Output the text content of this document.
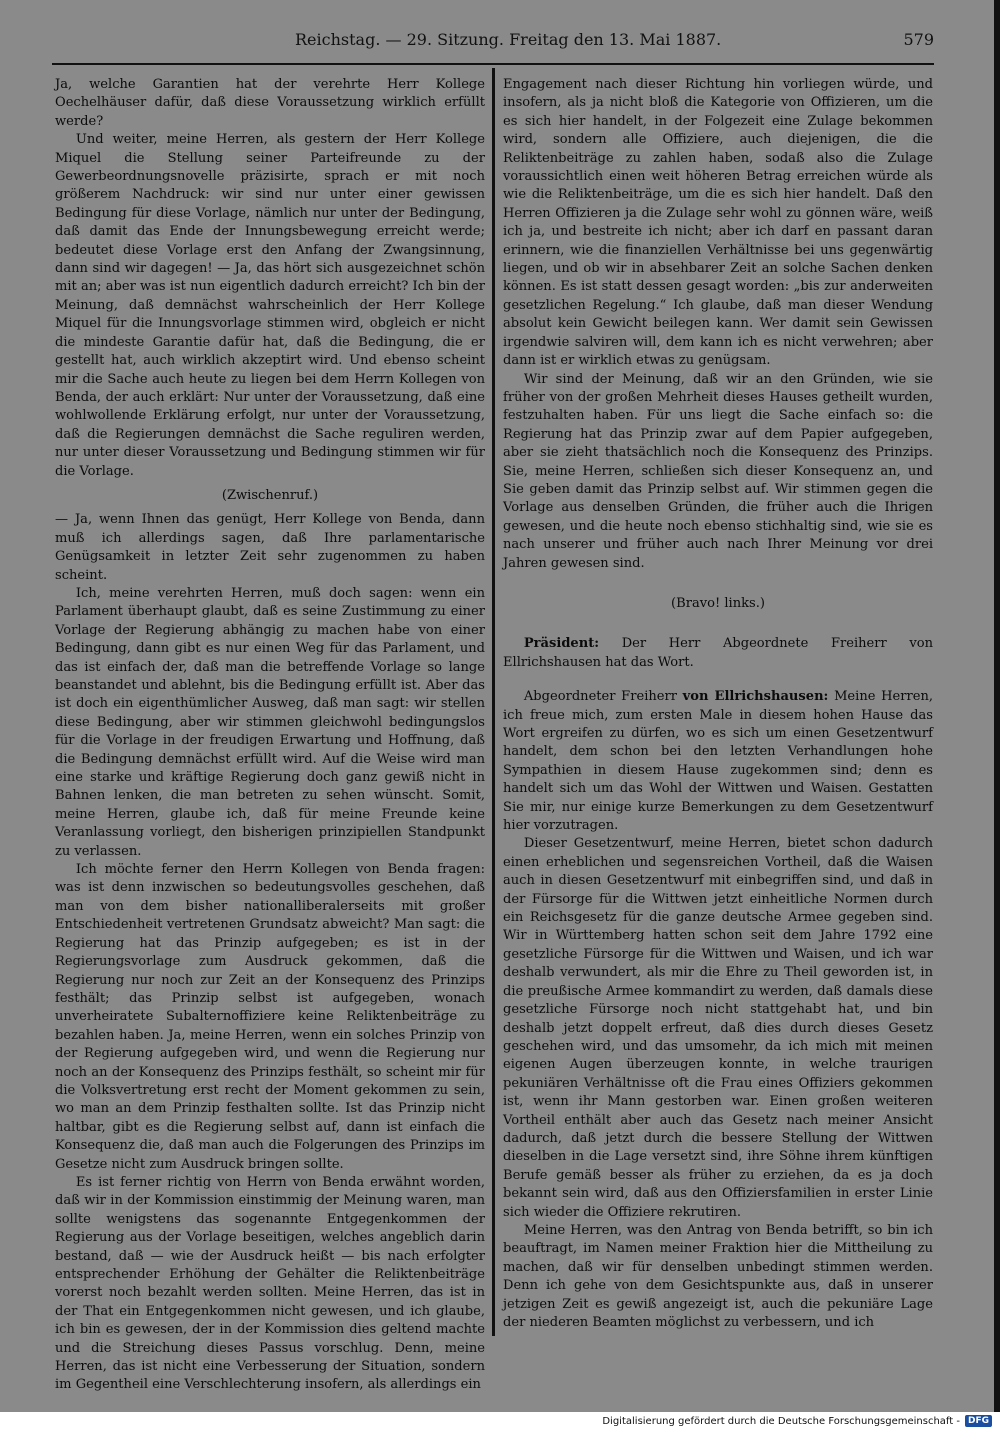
Reichstag. — 29. Sitzung. Freitag den 13. Mai 1887.	579

Ja, welche Garantien hat der verehrte Herr Kollege Oechelhäuser dafür, daß diese Voraussetzung wirklich erfüllt werde?

Und weiter, meine Herren, als gestern der Herr Kollege Miquel die Stellung seiner Parteifreunde zu der Gewerbeordnungsnovelle präzisirte, sprach er mit noch größerem Nachdruck: wir sind nur unter einer gewissen Bedingung für diese Vorlage, nämlich nur unter der Bedingung, daß damit das Ende der Innungsbewegung erreicht werde; bedeutet diese Vorlage erst den Anfang der Zwangsinnung, dann sind wir dagegen! — Ja, das hört sich ausgezeichnet schön mit an; aber was ist nun eigentlich dadurch erreicht? Ich bin der Meinung, daß demnächst wahrscheinlich der Herr Kollege Miquel für die Innungsvorlage stimmen wird, obgleich er nicht die mindeste Garantie dafür hat, daß die Bedingung, die er gestellt hat, auch wirklich akzeptirt wird. Und ebenso scheint mir die Sache auch heute zu liegen bei dem Herrn Kollegen von Benda, der auch erklärt: Nur unter der Voraussetzung, daß eine wohlwollende Erklärung erfolgt, nur unter der Voraussetzung, daß die Regierungen demnächst die Sache reguliren werden, nur unter dieser Voraussetzung und Bedingung stimmen wir für die Vorlage.

(Zwischenruf.)

— Ja, wenn Ihnen das genügt, Herr Kollege von Benda, dann muß ich allerdings sagen, daß Ihre parlamentarische Genügsamkeit in letzter Zeit sehr zugenommen zu haben scheint.

Ich, meine verehrten Herren, muß doch sagen: wenn ein Parlament überhaupt glaubt, daß es seine Zustimmung zu einer Vorlage der Regierung abhängig zu machen habe von einer Bedingung, dann gibt es nur einen Weg für das Parlament, und das ist einfach der, daß man die betreffende Vorlage so lange beanstandet und ablehnt, bis die Bedingung erfüllt ist. Aber das ist doch ein eigenthümlicher Ausweg, daß man sagt: wir stellen diese Bedingung, aber wir stimmen gleichwohl bedingungslos für die Vorlage in der freudigen Erwartung und Hoffnung, daß die Bedingung demnächst erfüllt wird. Auf die Weise wird man eine starke und kräftige Regierung doch ganz gewiß nicht in Bahnen lenken, die man betreten zu sehen wünscht. Somit, meine Herren, glaube ich, daß für meine Freunde keine Veranlassung vorliegt, den bisherigen prinzipiellen Standpunkt zu verlassen.

Ich möchte ferner den Herrn Kollegen von Benda fragen: was ist denn inzwischen so bedeutungsvolles geschehen, daß man von dem bisher nationalliberalerseits mit großer Entschiedenheit vertretenen Grundsatz abweicht? Man sagt: die Regierung hat das Prinzip aufgegeben; es ist in der Regierungsvorlage zum Ausdruck gekommen, daß die Regierung nur noch zur Zeit an der Konsequenz des Prinzips festhält; das Prinzip selbst ist aufgegeben, wonach unverheiratete Subalternoffiziere keine Reliktenbeiträge zu bezahlen haben. Ja, meine Herren, wenn ein solches Prinzip von der Regierung aufgegeben wird, und wenn die Regierung nur noch an der Konsequenz des Prinzips festhält, so scheint mir für die Volksvertretung erst recht der Moment gekommen zu sein, wo man an dem Prinzip festhalten sollte. Ist das Prinzip nicht haltbar, gibt es die Regierung selbst auf, dann ist einfach die Konsequenz die, daß man auch die Folgerungen des Prinzips im Gesetze nicht zum Ausdruck bringen sollte.

Es ist ferner richtig von Herrn von Benda erwähnt worden, daß wir in der Kommission einstimmig der Meinung waren, man sollte wenigstens das sogenannte Entgegenkommen der Regierung aus der Vorlage beseitigen, welches angeblich darin bestand, daß — wie der Ausdruck heißt — bis nach erfolgter entsprechender Erhöhung der Gehälter die Reliktenbeiträge vorerst noch bezahlt werden sollten. Meine Herren, das ist in der That ein Entgegenkommen nicht gewesen, und ich glaube, ich bin es gewesen, der in der Kommission dies geltend machte und die Streichung dieses Passus vorschlug. Denn, meine Herren, das ist nicht eine Verbesserung der Situation, sondern im Gegentheil eine Verschlechterung insofern, als allerdings ein

Engagement nach dieser Richtung hin vorliegen würde, und insofern, als ja nicht bloß die Kategorie von Offizieren, um die es sich hier handelt, in der Folgezeit eine Zulage bekommen wird, sondern alle Offiziere, auch diejenigen, die die Reliktenbeiträge zu zahlen haben, sodaß also die Zulage voraussichtlich einen weit höheren Betrag erreichen würde als wie die Reliktenbeiträge, um die es sich hier handelt. Daß den Herren Offizieren ja die Zulage sehr wohl zu gönnen wäre, weiß ich ja, und bestreite ich nicht; aber ich darf en passant daran erinnern, wie die finanziellen Verhältnisse bei uns gegenwärtig liegen, und ob wir in absehbarer Zeit an solche Sachen denken können. Es ist statt dessen gesagt worden: „bis zur anderweiten gesetzlichen Regelung.“ Ich glaube, daß man dieser Wendung absolut kein Gewicht beilegen kann. Wer damit sein Gewissen irgendwie salviren will, dem kann ich es nicht verwehren; aber dann ist er wirklich etwas zu genügsam.

Wir sind der Meinung, daß wir an den Gründen, wie sie früher von der großen Mehrheit dieses Hauses getheilt wurden, festzuhalten haben. Für uns liegt die Sache einfach so: die Regierung hat das Prinzip zwar auf dem Papier aufgegeben, aber sie zieht thatsächlich noch die Konsequenz des Prinzips. Sie, meine Herren, schließen sich dieser Konsequenz an, und Sie geben damit das Prinzip selbst auf. Wir stimmen gegen die Vorlage aus denselben Gründen, die früher auch die Ihrigen gewesen, und die heute noch ebenso stichhaltig sind, wie sie es nach unserer und früher auch nach Ihrer Meinung vor drei Jahren gewesen sind.

(Bravo! links.)

Präsident: Der Herr Abgeordnete Freiherr von Ellrichshausen hat das Wort.

Abgeordneter Freiherr von Ellrichshausen: Meine Herren, ich freue mich, zum ersten Male in diesem hohen Hause das Wort ergreifen zu dürfen, wo es sich um einen Gesetzentwurf handelt, dem schon bei den letzten Verhandlungen hohe Sympathien in diesem Hause zugekommen sind; denn es handelt sich um das Wohl der Wittwen und Waisen. Gestatten Sie mir, nur einige kurze Bemerkungen zu dem Gesetzentwurf hier vorzutragen.

Dieser Gesetzentwurf, meine Herren, bietet schon dadurch einen erheblichen und segensreichen Vortheil, daß die Waisen auch in diesen Gesetzentwurf mit einbegriffen sind, und daß in der Fürsorge für die Wittwen jetzt einheitliche Normen durch ein Reichsgesetz für die ganze deutsche Armee gegeben sind. Wir in Württemberg hatten schon seit dem Jahre 1792 eine gesetzliche Fürsorge für die Wittwen und Waisen, und ich war deshalb verwundert, als mir die Ehre zu Theil geworden ist, in die preußische Armee kommandirt zu werden, daß damals diese gesetzliche Fürsorge noch nicht stattgehabt hat, und bin deshalb jetzt doppelt erfreut, daß dies durch dieses Gesetz geschehen wird, und das umsomehr, da ich mich mit meinen eigenen Augen überzeugen konnte, in welche traurigen pekuniären Verhältnisse oft die Frau eines Offiziers gekommen ist, wenn ihr Mann gestorben war. Einen großen weiteren Vortheil enthält aber auch das Gesetz nach meiner Ansicht dadurch, daß jetzt durch die bessere Stellung der Wittwen dieselben in die Lage versetzt sind, ihre Söhne ihrem künftigen Berufe gemäß besser als früher zu erziehen, da es ja doch bekannt sein wird, daß aus den Offiziersfamilien in erster Linie sich wieder die Offiziere rekrutiren.

Meine Herren, was den Antrag von Benda betrifft, so bin ich beauftragt, im Namen meiner Fraktion hier die Mittheilung zu machen, daß wir für denselben unbedingt stimmen werden. Denn ich gehe von dem Gesichtspunkte aus, daß in unserer jetzigen Zeit es gewiß angezeigt ist, auch die pekuniäre Lage der niederen Beamten möglichst zu verbessern, und ich

Digitalisierung gefördert durch die Deutsche Forschungsgemeinschaft - DFG
